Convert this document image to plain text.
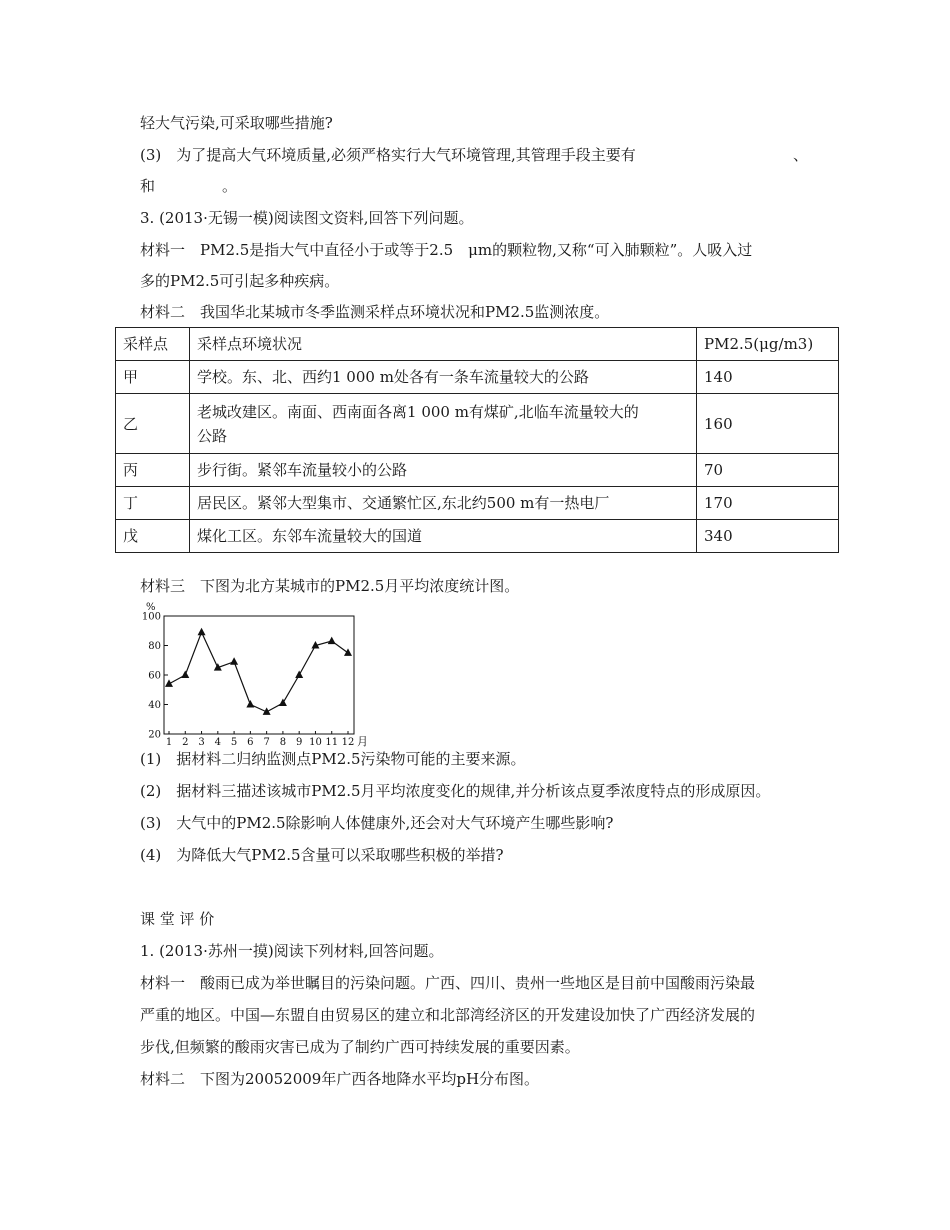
轻大气污染,可采取哪些措施?
(3)　为了提高大气环境质量,必须严格实行大气环境管理,其管理手段主要有	、
和	。
3. (2013·无锡一模)阅读图文资料,回答下列问题。
材料一　PM2.5是指大气中直径小于或等于2.5　μm的颗粒物,又称“可入肺颗粒”。人吸入过
多的PM2.5可引起多种疾病。
材料二　我国华北某城市冬季监测采样点环境状况和PM2.5监测浓度。
采样点	采样点环境状况	PM2.5(μg/m3)
甲	学校。东、北、西约1 000 m处各有一条车流量较大的公路	140
乙	老城改建区。南面、西南面各离1 000 m有煤矿,北临车流量较大的
公路	160
丙	步行街。紧邻车流量较小的公路	70
丁	居民区。紧邻大型集市、交通繁忙区,东北约500 m有一热电厂	170
戊	煤化工区。东邻车流量较大的国道	340
材料三　下图为北方某城市的PM2.5月平均浓度统计图。
%
20
40
60
80
100
1 2 3 4 5 6 7 8 9 10 11 12 月
(1)　据材料二归纳监测点PM2.5污染物可能的主要来源。
(2)　据材料三描述该城市PM2.5月平均浓度变化的规律,并分析该点夏季浓度特点的形成原因。
(3)　大气中的PM2.5除影响人体健康外,还会对大气环境产生哪些影响?
(4)　为降低大气PM2.5含量可以采取哪些积极的举措?
课 堂 评 价
1. (2013·苏州一摸)阅读下列材料,回答问题。
材料一　酸雨已成为举世瞩目的污染问题。广西、四川、贵州一些地区是目前中国酸雨污染最
严重的地区。中国—东盟自由贸易区的建立和北部湾经济区的开发建设加快了广西经济发展的
步伐,但频繁的酸雨灾害已成为了制约广西可持续发展的重要因素。
材料二　下图为20052009年广西各地降水平均pH分布图。
